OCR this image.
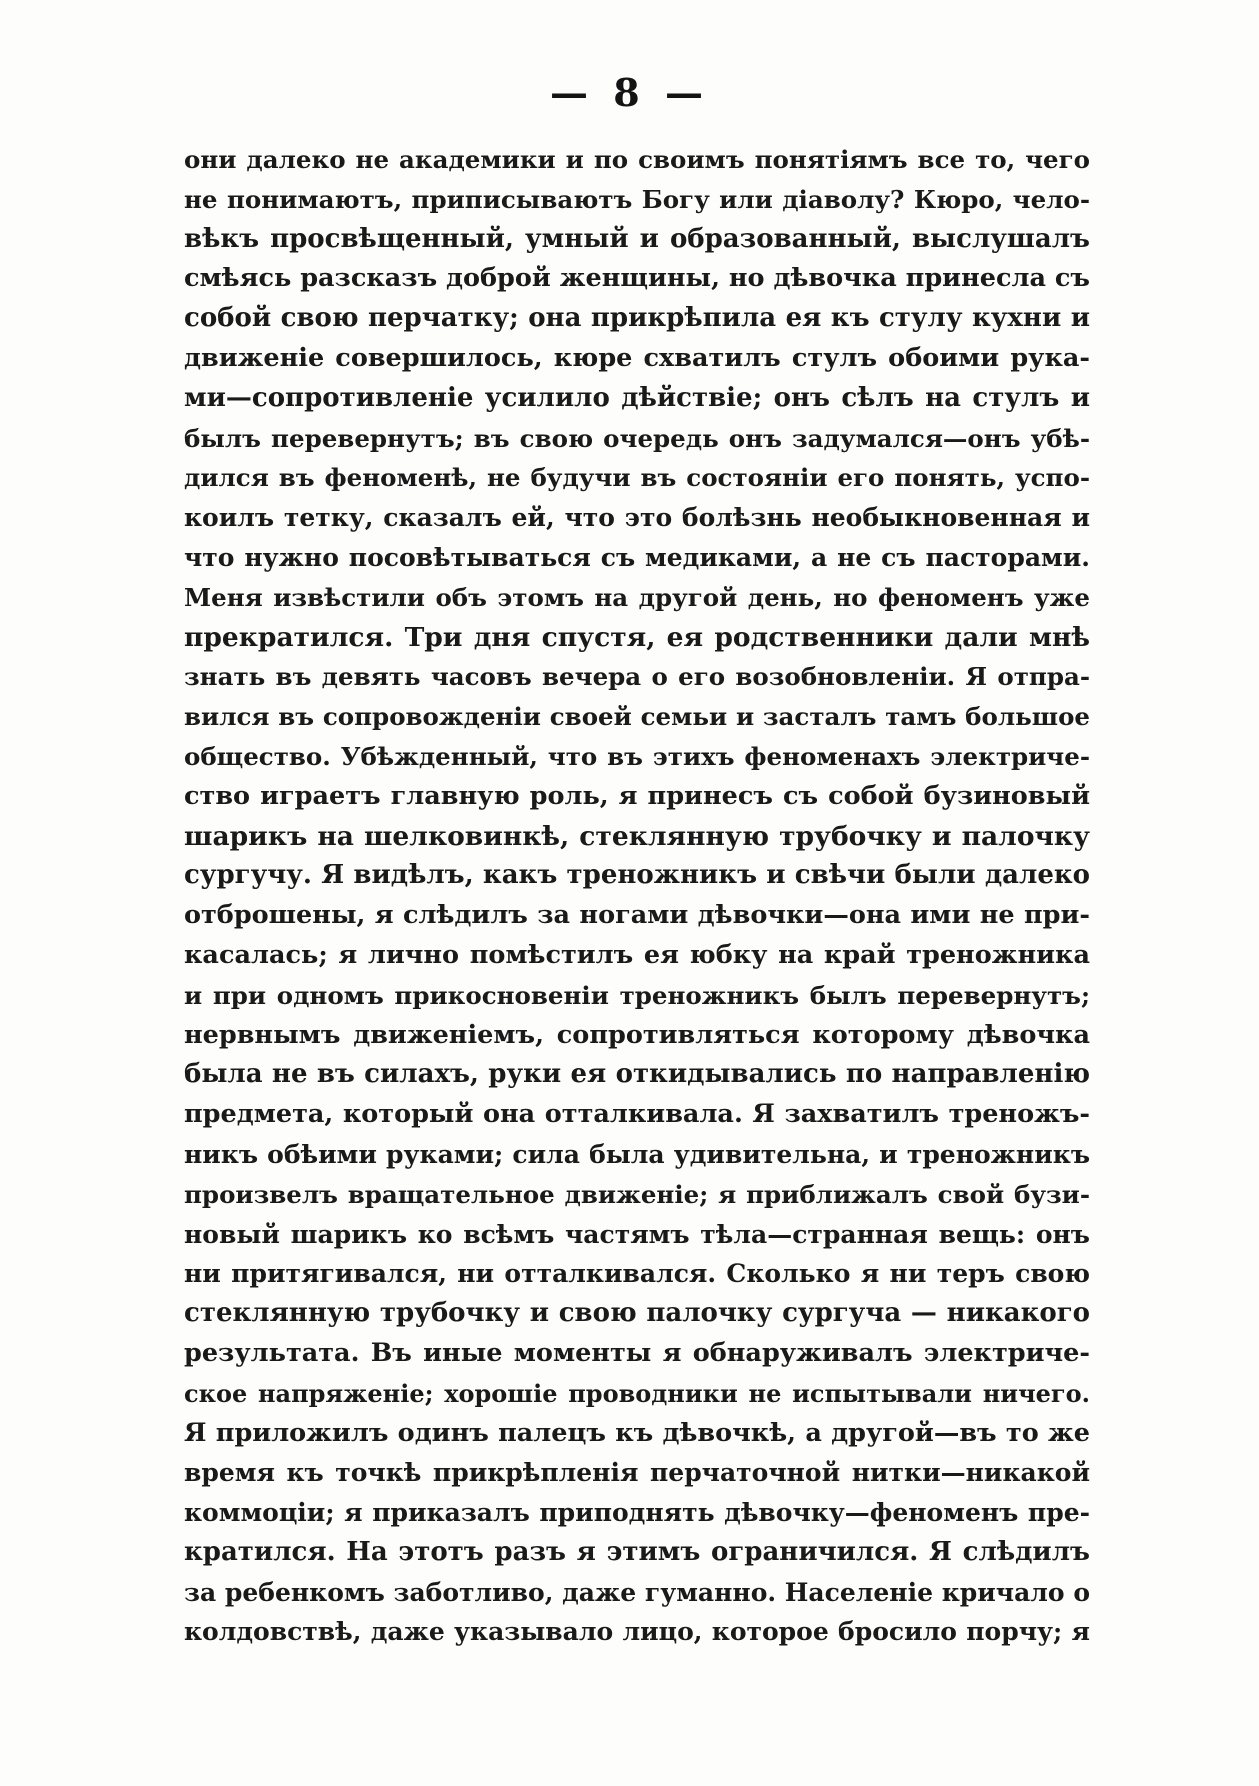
— 8 —
они далеко не академики и по своимъ понятіямъ все то, чего
не понимаютъ, приписываютъ Богу или діаволу? Кюро, чело-
вѣкъ просвѣщенный, умный и образованный, выслушалъ
смѣясь разсказъ доброй женщины, но дѣвочка принесла съ
собой свою перчатку; она прикрѣпила ея къ стулу кухни и
движеніе совершилось, кюре схватилъ стулъ обоими рука-
ми—сопротивленіе усилило дѣйствіе; онъ сѣлъ на стулъ и
былъ перевернутъ; въ свою очередь онъ задумался—онъ убѣ-
дился въ феноменѣ, не будучи въ состояніи его понять, успо-
коилъ тетку, сказалъ ей, что это болѣзнь необыкновенная и
что нужно посовѣтываться съ медиками, а не съ пасторами.
Меня извѣстили объ этомъ на другой день, но феноменъ уже
прекратился. Три дня спустя, ея родственники дали мнѣ
знать въ девять часовъ вечера о его возобновленіи. Я отпра-
вился въ сопровожденіи своей семьи и засталъ тамъ большое
общество. Убѣжденный, что въ этихъ феноменахъ электриче-
ство играетъ главную роль, я принесъ съ собой бузиновый
шарикъ на шелковинкѣ, стеклянную трубочку и палочку
сургучу. Я видѣлъ, какъ треножникъ и свѣчи были далеко
отброшены, я слѣдилъ за ногами дѣвочки—она ими не при-
касалась; я лично помѣстилъ ея юбку на край треножника
и при одномъ прикосновеніи треножникъ былъ перевернутъ;
нервнымъ движеніемъ, сопротивляться которому дѣвочка
была не въ силахъ, руки ея откидывались по направленію
предмета, который она отталкивала. Я захватилъ треножъ-
никъ обѣими руками; сила была удивительна, и треножникъ
произвелъ вращательное движеніе; я приближалъ свой бузи-
новый шарикъ ко всѣмъ частямъ тѣла—странная вещь: онъ
ни притягивался, ни отталкивался. Сколько я ни теръ свою
стеклянную трубочку и свою палочку сургуча — никакого
результата. Въ иные моменты я обнаруживалъ электриче-
ское напряженіе; хорошіе проводники не испытывали ничего.
Я приложилъ одинъ палецъ къ дѣвочкѣ, а другой—въ то же
время къ точкѣ прикрѣпленія перчаточной нитки—никакой
коммоціи; я приказалъ приподнять дѣвочку—феноменъ пре-
кратился. На этотъ разъ я этимъ ограничился. Я слѣдилъ
за ребенкомъ заботливо, даже гуманно. Населеніе кричало о
колдовствѣ, даже указывало лицо, которое бросило порчу; я
